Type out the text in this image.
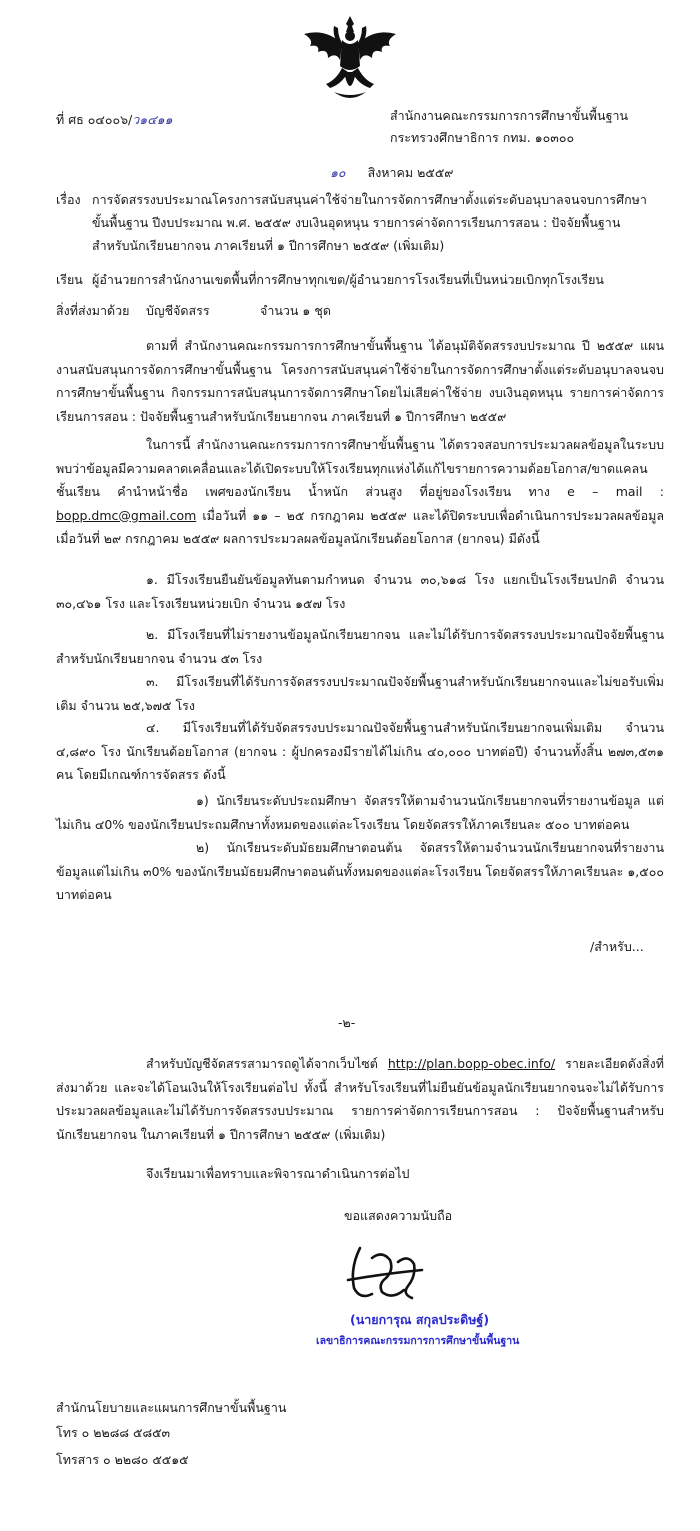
ที่ ศธ ๐๔๐๐๖/ว๑๔๑๑	สำนักงานคณะกรรมการการศึกษาขั้นพื้นฐาน
กระทรวงศึกษาธิการ กทม. ๑๐๓๐๐
๑๐ สิงหาคม ๒๕๕๙
เรื่อง การจัดสรรงบประมาณโครงการสนับสนุนค่าใช้จ่ายในการจัดการศึกษาตั้งแต่ระดับอนุบาลจนจบการศึกษา
ขั้นพื้นฐาน ปีงบประมาณ พ.ศ. ๒๕๕๙ งบเงินอุดหนุน รายการค่าจัดการเรียนการสอน : ปัจจัยพื้นฐาน
สำหรับนักเรียนยากจน ภาคเรียนที่ ๑ ปีการศึกษา ๒๕๕๙ (เพิ่มเติม)
เรียน ผู้อำนวยการสำนักงานเขตพื้นที่การศึกษาทุกเขต/ผู้อำนวยการโรงเรียนที่เป็นหน่วยเบิกทุกโรงเรียน
สิ่งที่ส่งมาด้วย บัญชีจัดสรร	จำนวน ๑ ชุด
ตามที่ สำนักงานคณะกรรมการการศึกษาขั้นพื้นฐาน ได้อนุมัติจัดสรรงบประมาณ ปี ๒๕๕๙ แผนงานสนับสนุนการจัดการศึกษาขั้นพื้นฐาน โครงการสนับสนุนค่าใช้จ่ายในการจัดการศึกษาตั้งแต่ระดับอนุบาลจนจบการศึกษาขั้นพื้นฐาน กิจกรรมการสนับสนุนการจัดการศึกษาโดยไม่เสียค่าใช้จ่าย งบเงินอุดหนุน รายการค่าจัดการเรียนการสอน : ปัจจัยพื้นฐานสำหรับนักเรียนยากจน ภาคเรียนที่ ๑ ปีการศึกษา ๒๕๕๙
ในการนี้ สำนักงานคณะกรรมการการศึกษาขั้นพื้นฐาน ได้ตรวจสอบการประมวลผลข้อมูลในระบบพบว่าข้อมูลมีความคลาดเคลื่อนและได้เปิดระบบให้โรงเรียนทุกแห่งได้แก้ไขรายการความด้อยโอกาส/ขาดแคลน ชั้นเรียน คำนำหน้าชื่อ เพศของนักเรียน น้ำหนัก ส่วนสูง ที่อยู่ของโรงเรียน ทาง e – mail : bopp.dmc@gmail.com เมื่อวันที่ ๑๑ – ๒๕ กรกฎาคม ๒๕๕๙ และได้ปิดระบบเพื่อดำเนินการประมวลผลข้อมูลเมื่อวันที่ ๒๙ กรกฎาคม ๒๕๕๙ ผลการประมวลผลข้อมูลนักเรียนด้อยโอกาส (ยากจน) มีดังนี้
๑. มีโรงเรียนยืนยันข้อมูลทันตามกำหนด จำนวน ๓๐,๖๑๘ โรง แยกเป็นโรงเรียนปกติ จำนวน ๓๐,๔๖๑ โรง และโรงเรียนหน่วยเบิก จำนวน ๑๕๗ โรง
๒. มีโรงเรียนที่ไม่รายงานข้อมูลนักเรียนยากจน และไม่ได้รับการจัดสรรงบประมาณปัจจัยพื้นฐานสำหรับนักเรียนยากจน จำนวน ๕๓ โรง
๓. มีโรงเรียนที่ได้รับการจัดสรรงบประมาณปัจจัยพื้นฐานสำหรับนักเรียนยากจนและไม่ขอรับเพิ่มเติม จำนวน ๒๕,๖๗๕ โรง
๔. มีโรงเรียนที่ได้รับจัดสรรงบประมาณปัจจัยพื้นฐานสำหรับนักเรียนยากจนเพิ่มเติม จำนวน ๔,๘๙๐ โรง นักเรียนด้อยโอกาส (ยากจน : ผู้ปกครองมีรายได้ไม่เกิน ๔๐,๐๐๐ บาทต่อปี) จำนวนทั้งสิ้น ๒๗๓,๕๓๑ คน โดยมีเกณฑ์การจัดสรร ดังนี้
๑) นักเรียนระดับประถมศึกษา จัดสรรให้ตามจำนวนนักเรียนยากจนที่รายงานข้อมูล แต่ไม่เกิน ๔0% ของนักเรียนประถมศึกษาทั้งหมดของแต่ละโรงเรียน โดยจัดสรรให้ภาคเรียนละ ๕๐๐ บาทต่อคน
๒) นักเรียนระดับมัธยมศึกษาตอนต้น จัดสรรให้ตามจำนวนนักเรียนยากจนที่รายงานข้อมูลแต่ไม่เกิน ๓0% ของนักเรียนมัธยมศึกษาตอนต้นทั้งหมดของแต่ละโรงเรียน โดยจัดสรรให้ภาคเรียนละ ๑,๕๐๐ บาทต่อคน
/สำหรับ...
-๒-
สำหรับบัญชีจัดสรรสามารถดูได้จากเว็บไซต์ http://plan.bopp-obec.info/ รายละเอียดดังสิ่งที่ส่งมาด้วย และจะได้โอนเงินให้โรงเรียนต่อไป ทั้งนี้ สำหรับโรงเรียนที่ไม่ยืนยันข้อมูลนักเรียนยากจนจะไม่ได้รับการประมวลผลข้อมูลและไม่ได้รับการจัดสรรงบประมาณ รายการค่าจัดการเรียนการสอน : ปัจจัยพื้นฐานสำหรับนักเรียนยากจน ในภาคเรียนที่ ๑ ปีการศึกษา ๒๕๕๙ (เพิ่มเติม)
จึงเรียนมาเพื่อทราบและพิจารณาดำเนินการต่อไป
ขอแสดงความนับถือ
(นายการุณ สกุลประดิษฐ์)
เลขาธิการคณะกรรมการการศึกษาขั้นพื้นฐาน
สำนักนโยบายและแผนการศึกษาขั้นพื้นฐาน
โทร ๐ ๒๒๘๘ ๕๘๕๓
โทรสาร ๐ ๒๒๘๐ ๕๕๑๕
